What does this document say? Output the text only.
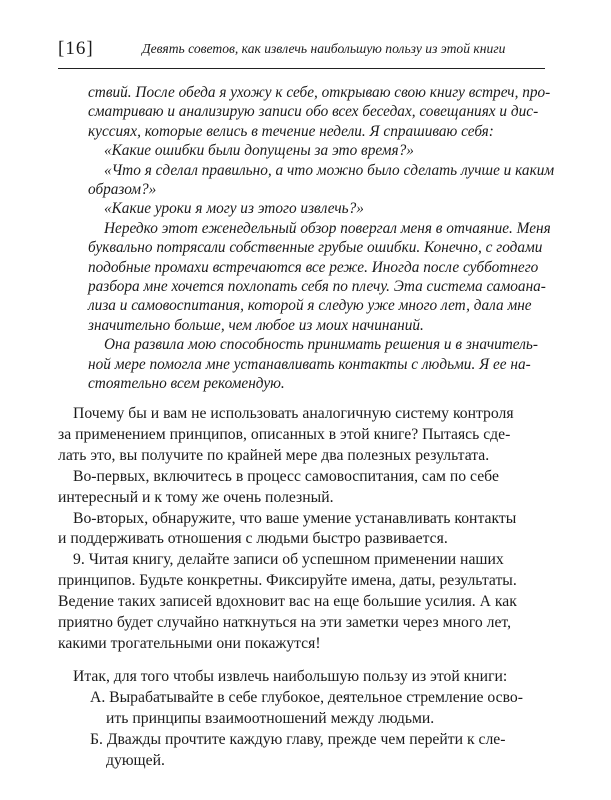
[16]	Девять советов, как извлечь наибольшую пользу из этой книги

ствий. После обеда я ухожу к себе, открываю свою книгу встреч, про-

сматриваю и анализирую записи обо всех беседах, совещаниях и дис-

куссиях, которые велись в течение недели. Я спрашиваю себя:

«Какие ошибки были допущены за это время?»

«Что я сделал правильно, а что можно было сделать лучше и каким

образом?»

«Какие уроки я могу из этого извлечь?»

Нередко этот еженедельный обзор повергал меня в отчаяние. Меня

буквально потрясали собственные грубые ошибки. Конечно, с годами

подобные промахи встречаются все реже. Иногда после субботнего

разбора мне хочется похлопать себя по плечу. Эта система самоана-

лиза и самовоспитания, которой я следую уже много лет, дала мне

значительно больше, чем любое из моих начинаний.

Она развила мою способность принимать решения и в значитель-

ной мере помогла мне устанавливать контакты с людьми. Я ее на-

стоятельно всем рекомендую.

Почему бы и вам не использовать аналогичную систему контроля

за применением принципов, описанных в этой книге? Пытаясь сде-

лать это, вы получите по крайней мере два полезных результата.

Во-первых, включитесь в процесс самовоспитания, сам по себе

интересный и к тому же очень полезный.

Во-вторых, обнаружите, что ваше умение устанавливать контакты

и поддерживать отношения с людьми быстро развивается.

9. Читая книгу, делайте записи об успешном применении наших

принципов. Будьте конкретны. Фиксируйте имена, даты, результаты.

Ведение таких записей вдохновит вас на еще большие усилия. А как

приятно будет случайно наткнуться на эти заметки через много лет,

какими трогательными они покажутся!

Итак, для того чтобы извлечь наибольшую пользу из этой книги:

А. Вырабатывайте в себе глубокое, деятельное стремление осво-

ить принципы взаимоотношений между людьми.

Б. Дважды прочтите каждую главу, прежде чем перейти к сле-

дующей.
